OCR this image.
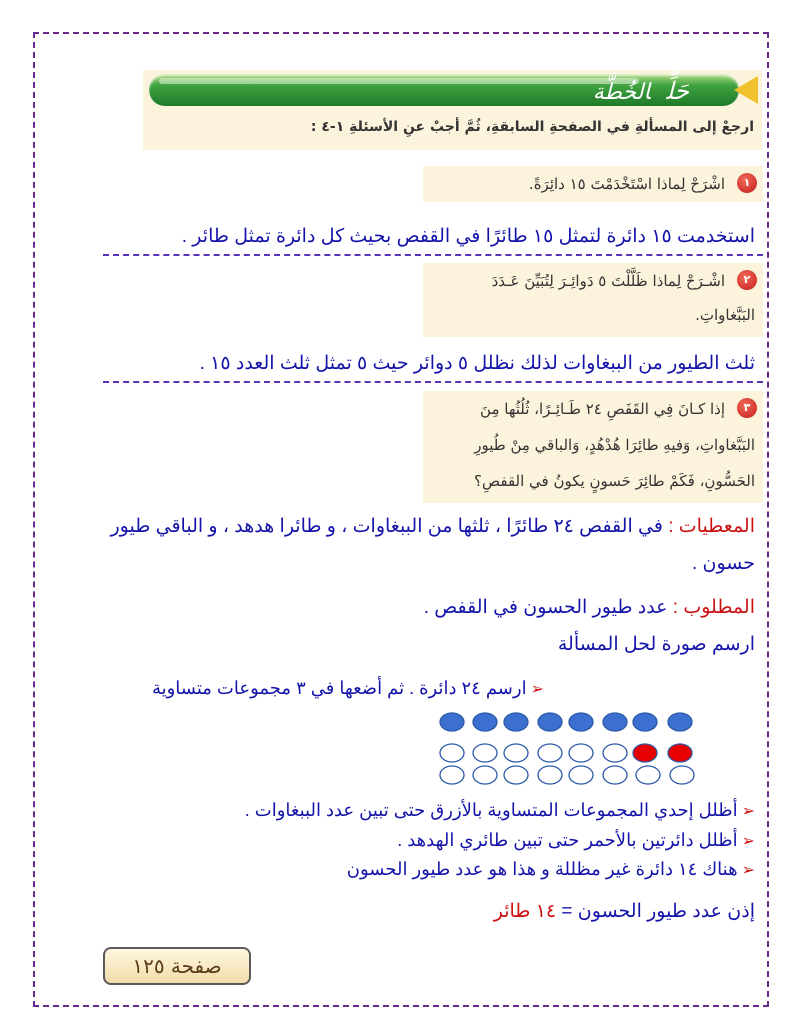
حَلِّالخُطَّة
ارجعْ إلى المسألةِ في الصفحةِ السابقةِ، ثُمَّ أجبْ عنِ الأسئلةِ ١-٤ :
١
اشْرَحْ لِماذا اسْتَخْدَمْتَ ١٥ دائِرَةً.
استخدمت ١٥ دائرة لتمثل ١٥ طائرًا في القفص بحيث كل دائرة تمثل طائر .
٢
اشْـرَحْ لِماذا ظَلَّلْتَ ٥ دَوائِـرَ لِتُبَيِّنَ عَـدَدَ
البَبَّغاواتِ.
ثلث الطيور من الببغاوات لذلك نظلل ٥ دوائر حيث ٥ تمثل ثلث العدد ١٥ .
٣
إذا كـانَ فِي القَفَصِ ٢٤ طَـائِـرًا، ثُلُثُها مِنَ
البَبَّغاواتِ، وَفيهِ طائِرَا هُدْهُدٍ، وَالباقي مِنْ طُيورِ
الحَسُّونِ، فَكَمْ طائِرَ حَسونٍ يكونُ في القفصِ؟
المعطيات : في القفص ٢٤ طائرًا ، ثلثها من الببغاوات ، و طائرا هدهد ، و الباقي طيور
حسون .
المطلوب : عدد طيور الحسون في القفص .
ارسم صورة لحل المسألة
➢ارسم ٢٤ دائرة . ثم أضعها في ٣ مجموعات متساوية
➢أظلل إحدي المجموعات المتساوية بالأزرق حتى تبين عدد الببغاوات .
➢أظلل دائرتين بالأحمر حتى تبين طائري الهدهد .
➢هناك ١٤ دائرة غير مظللة و هذا هو عدد طيور الحسون
إذن عدد طيور الحسون = ١٤ طائر
صفحة ١٢٥
